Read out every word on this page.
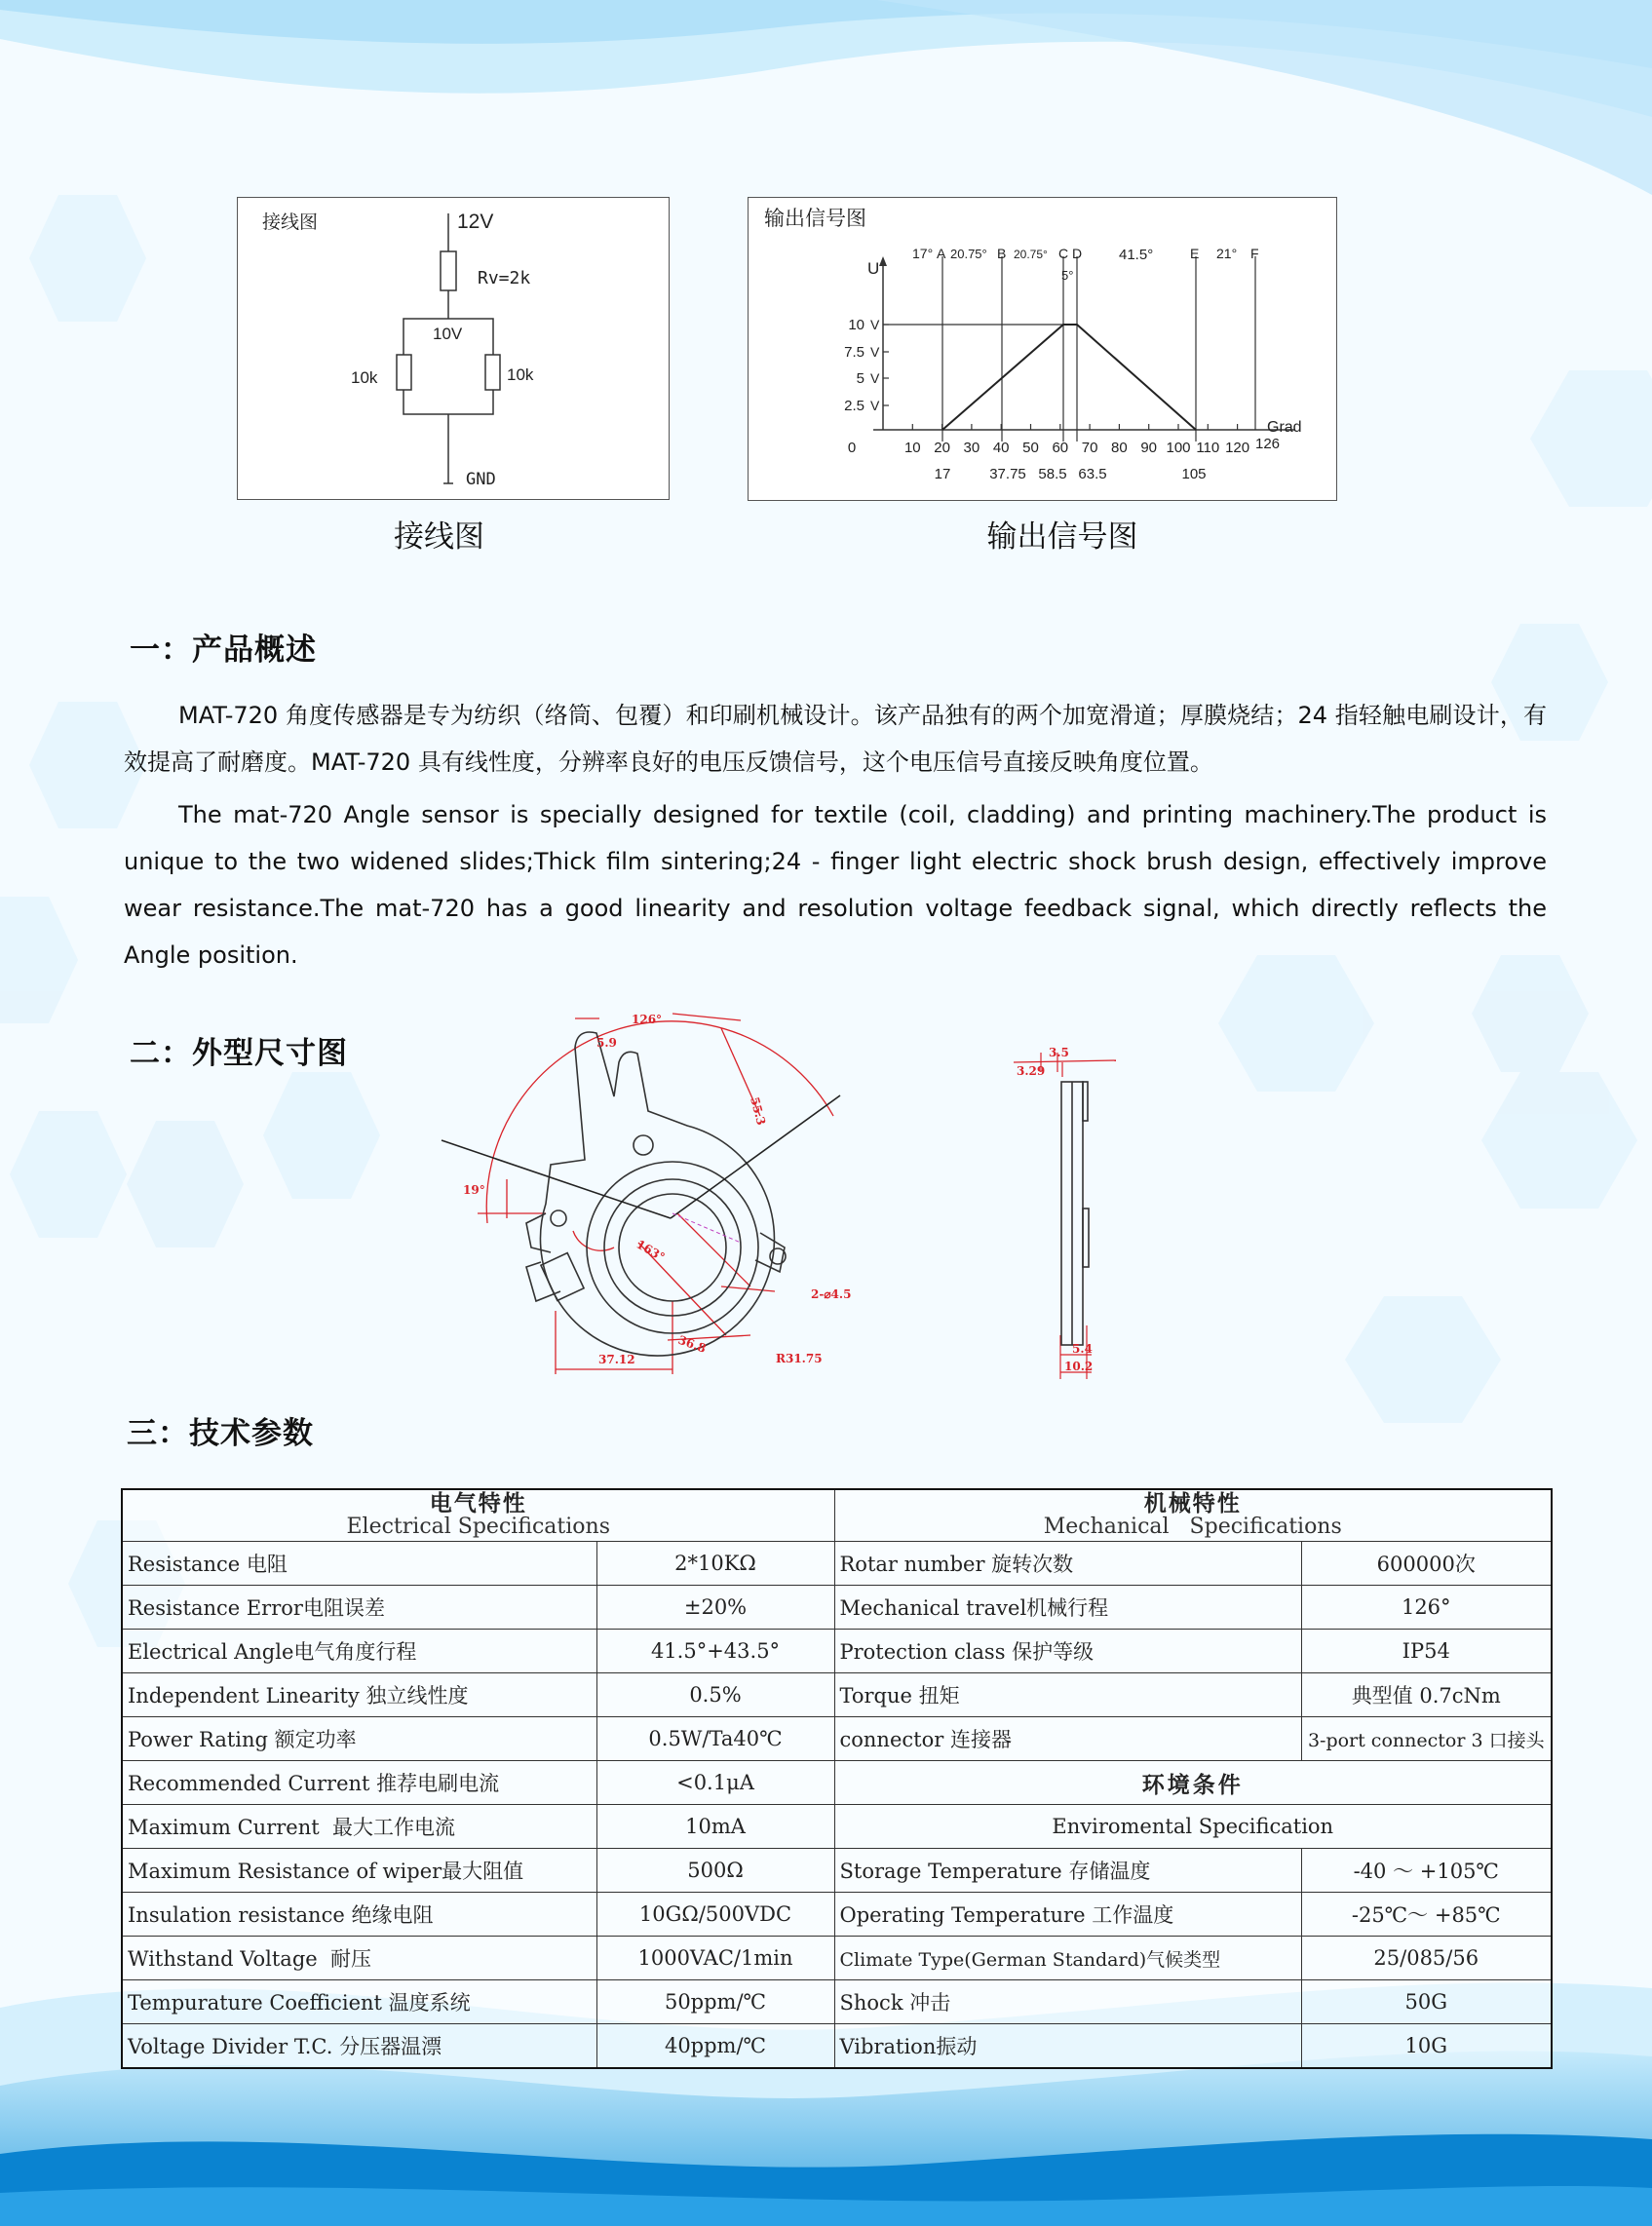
接线图	12V
Rv=2k
10V
10k	10k
GND
接线图
输出信号图
U
10
7.5
5
2.5
V
V
V
V
Grad
126
0	10 20 30 40 50 60 70 80 90 100 110 120
17° A 20.75° B 20.75° C D
5°
41.5°	E 21° F
17	37.75 58.5 63.5	105
输出信号图
一：产品概述
MAT-720 角度传感器是专为纺织（络筒、包覆）和印刷机械设计。该产品独有的两个加宽滑道；厚膜烧结；24 指轻触电刷设计，有效提高了耐磨度。MAT-720 具有线性度，分辨率良好的电压反馈信号，这个电压信号直接反映角度位置。
The mat-720 Angle sensor is specially designed for textile (coil, cladding) and printing machinery.The product is unique to the two widened slides;Thick film sintering;24 - finger light electric shock brush design, effectively improve wear resistance.The mat-720 has a good linearity and resolution voltage feedback signal, which directly reflects the Angle position.
二：外型尺寸图
126°
5.9
55.3
19°
163°
2-⌀4.5
37.12
36.8
R31.75
3.5
3.29
5.4
10.2
三：技术参数
电气特性
Electrical Specifications		机械特性
Mechanical   Specifications	

Resistance 电阻	2*10KΩ	Rotar number 旋转次数	600000次
Resistance Error电阻误差	±20%	Mechanical travel机械行程	126°
Electrical Angle电气角度行程	41.5°+43.5°	Protection class 保护等级	IP54
Independent Linearity 独立线性度	0.5%	Torque 扭矩	典型值 0.7cNm
Power Rating 额定功率	0.5W/Ta40℃	connector 连接器	3-port connector 3 口接头
Recommended Current 推荐电刷电流	<0.1μA	环境条件	
Maximum Current  最大工作电流	10mA	Enviromental Specification	
Maximum Resistance of wiper最大阻值	500Ω	Storage Temperature 存储温度	-40 ～ +105℃
Insulation resistance 绝缘电阻	10GΩ/500VDC	Operating Temperature 工作温度	-25℃～ +85℃
Withstand Voltage  耐压	1000VAC/1min	Climate Type(German Standard)气候类型	25/085/56
Tempurature Coefficient 温度系统	50ppm/℃	Shock 冲击	50G
Voltage Divider T.C. 分压器温漂	40ppm/℃	Vibration振动	10G
